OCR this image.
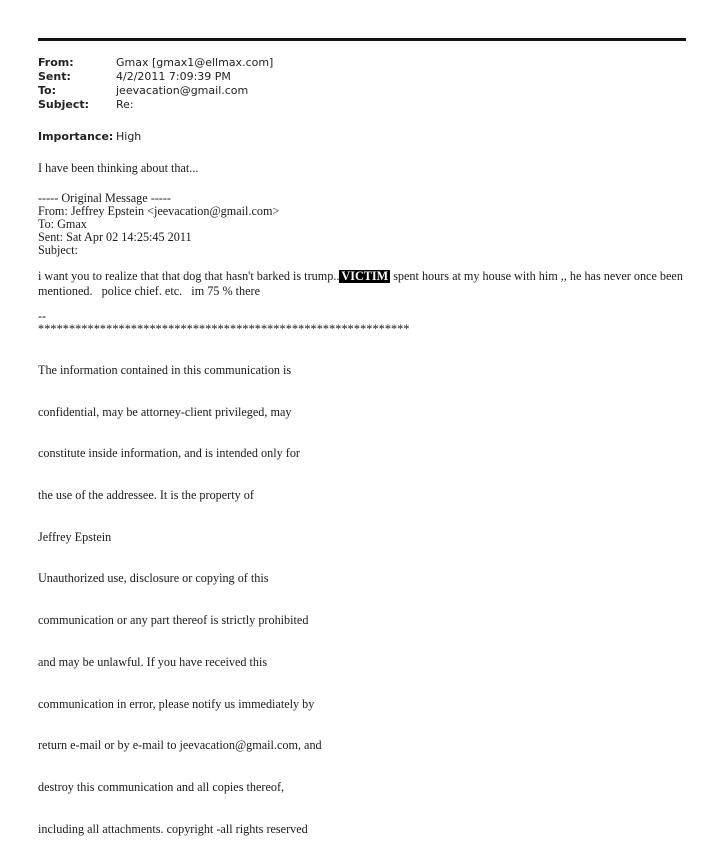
From:	Gmax [gmax1@ellmax.com]
Sent:	4/2/2011 7:09:39 PM
To:	jeevacation@gmail.com
Subject: Re:
Importance: High
I have been thinking about that...
----- Original Message -----
From: Jeffrey Epstein <jeevacation@gmail.com>
To: Gmax
Sent: Sat Apr 02 14:25:45 2011
Subject:
i want you to realize that that dog that hasn't barked is trump.. VICTIM spent hours at my house with him ,, he has never once been
mentioned.   police chief. etc.   im 75 % there
--
************************************************************

The information contained in this communication is

confidential, may be attorney-client privileged, may

constitute inside information, and is intended only for

the use of the addressee. It is the property of

Jeffrey Epstein

Unauthorized use, disclosure or copying of this

communication or any part thereof is strictly prohibited

and may be unlawful. If you have received this

communication in error, please notify us immediately by

return e-mail or by e-mail to jeevacation@gmail.com, and

destroy this communication and all copies thereof,

including all attachments. copyright -all rights reserved
